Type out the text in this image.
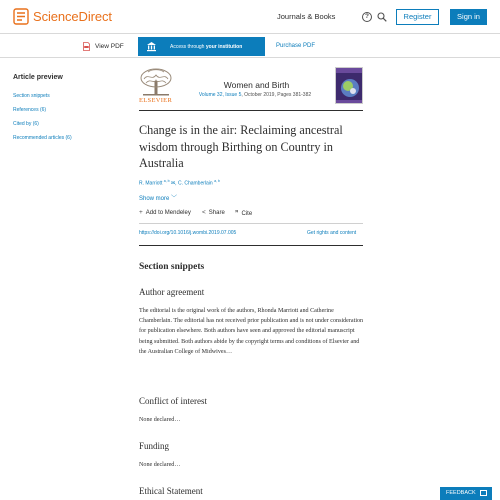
ScienceDirect	Journals & Books	?	Register	Sign in
View PDF	Access through your institution	Purchase PDF
Article preview
Section snippets
References (6)
Cited by (6)
Recommended articles (6)
ELSEVIER
Women and Birth
Volume 32, Issue 5, October 2019, Pages 381-382
Change is in the air: Reclaiming ancestral wisdom through Birthing on Country in Australia
R. Marriott $^{a, b}$ ✉, C. Chamberlain $^{a, b}$
Show more ﹀
+ Add to Mendeley < Share ❞ Cite
https://doi.org/10.1016/j.wombi.2019.07.005	Get rights and content
Section snippets
Author agreement
The editorial is the original work of the authors, Rhonda Marriott and Catherine Chamberlain. The editorial has not received prior publication and is not under consideration for publication elsewhere. Both authors have seen and approved the editorial manuscript being submitted. Both authors abide by the copyright terms and conditions of Elsevier and the Australian College of Midwives…
Conflict of interest
None declared…
Funding
None declared…
Ethical Statement	FEEDBACK
